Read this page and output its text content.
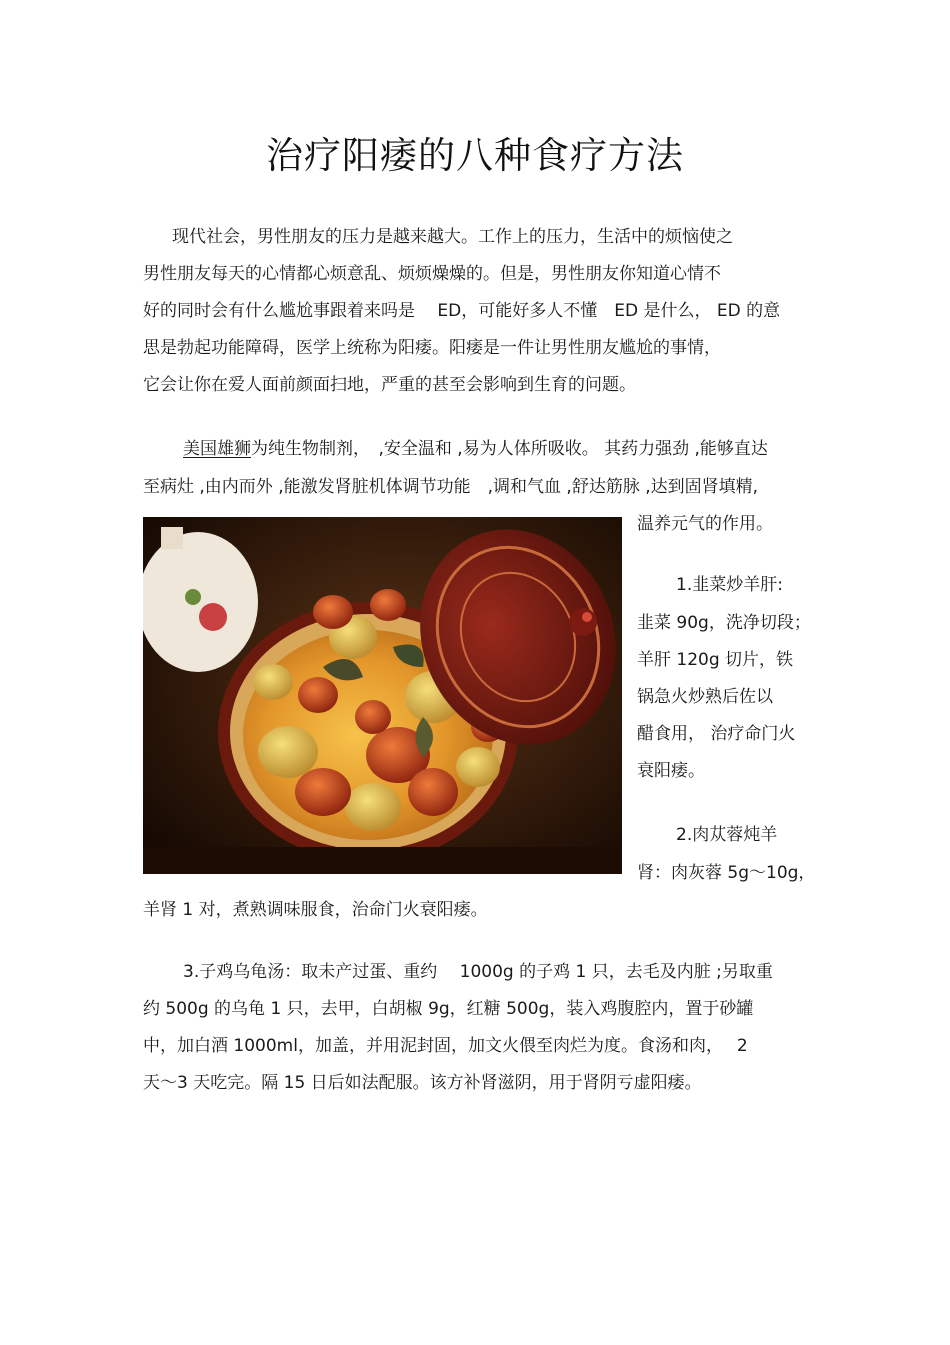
治疗阳痿的八种食疗方法
现代社会，男性朋友的压力是越来越大。工作上的压力，生活中的烦恼使之
男性朋友每天的心情都心烦意乱、烦烦燥燥的。但是，男性朋友你知道心情不
好的同时会有什么尴尬事跟着来吗是　 ED，可能好多人不懂　ED 是什么， ED 的意
思是勃起功能障碍，医学上统称为阳痿。阳痿是一件让男性朋友尴尬的事情，
它会让你在爱人面前颜面扫地，严重的甚至会影响到生育的问题。
美国雄狮为纯生物制剂，　,安全温和 ,易为人体所吸收。 其药力强劲 ,能够直达
至病灶 ,由内而外 ,能激发肾脏机体调节功能　,调和气血 ,舒达筋脉 ,达到固肾填精,
温养元气的作用。
1.韭菜炒羊肝:
韭菜 90g，洗净切段；
羊肝 120g 切片，铁
锅急火炒熟后佐以
醋食用， 治疗命门火
衰阳痿。
2.肉苁蓉炖羊
肾：肉灰蓉 5g～10g，
羊肾 1 对，煮熟调味服食，治命门火衰阳痿。
3.子鸡乌龟汤：取未产过蛋、重约　 1000g 的子鸡 1 只，去毛及内脏 ;另取重
约 500g 的乌龟 1 只，去甲，白胡椒 9g，红糖 500g，装入鸡腹腔内，置于砂罐
中，加白酒 1000ml，加盖，并用泥封固，加文火偎至肉烂为度。食汤和肉，　 2
天～3 天吃完。隔 15 日后如法配服。该方补肾滋阴，用于肾阴亏虚阳痿。
